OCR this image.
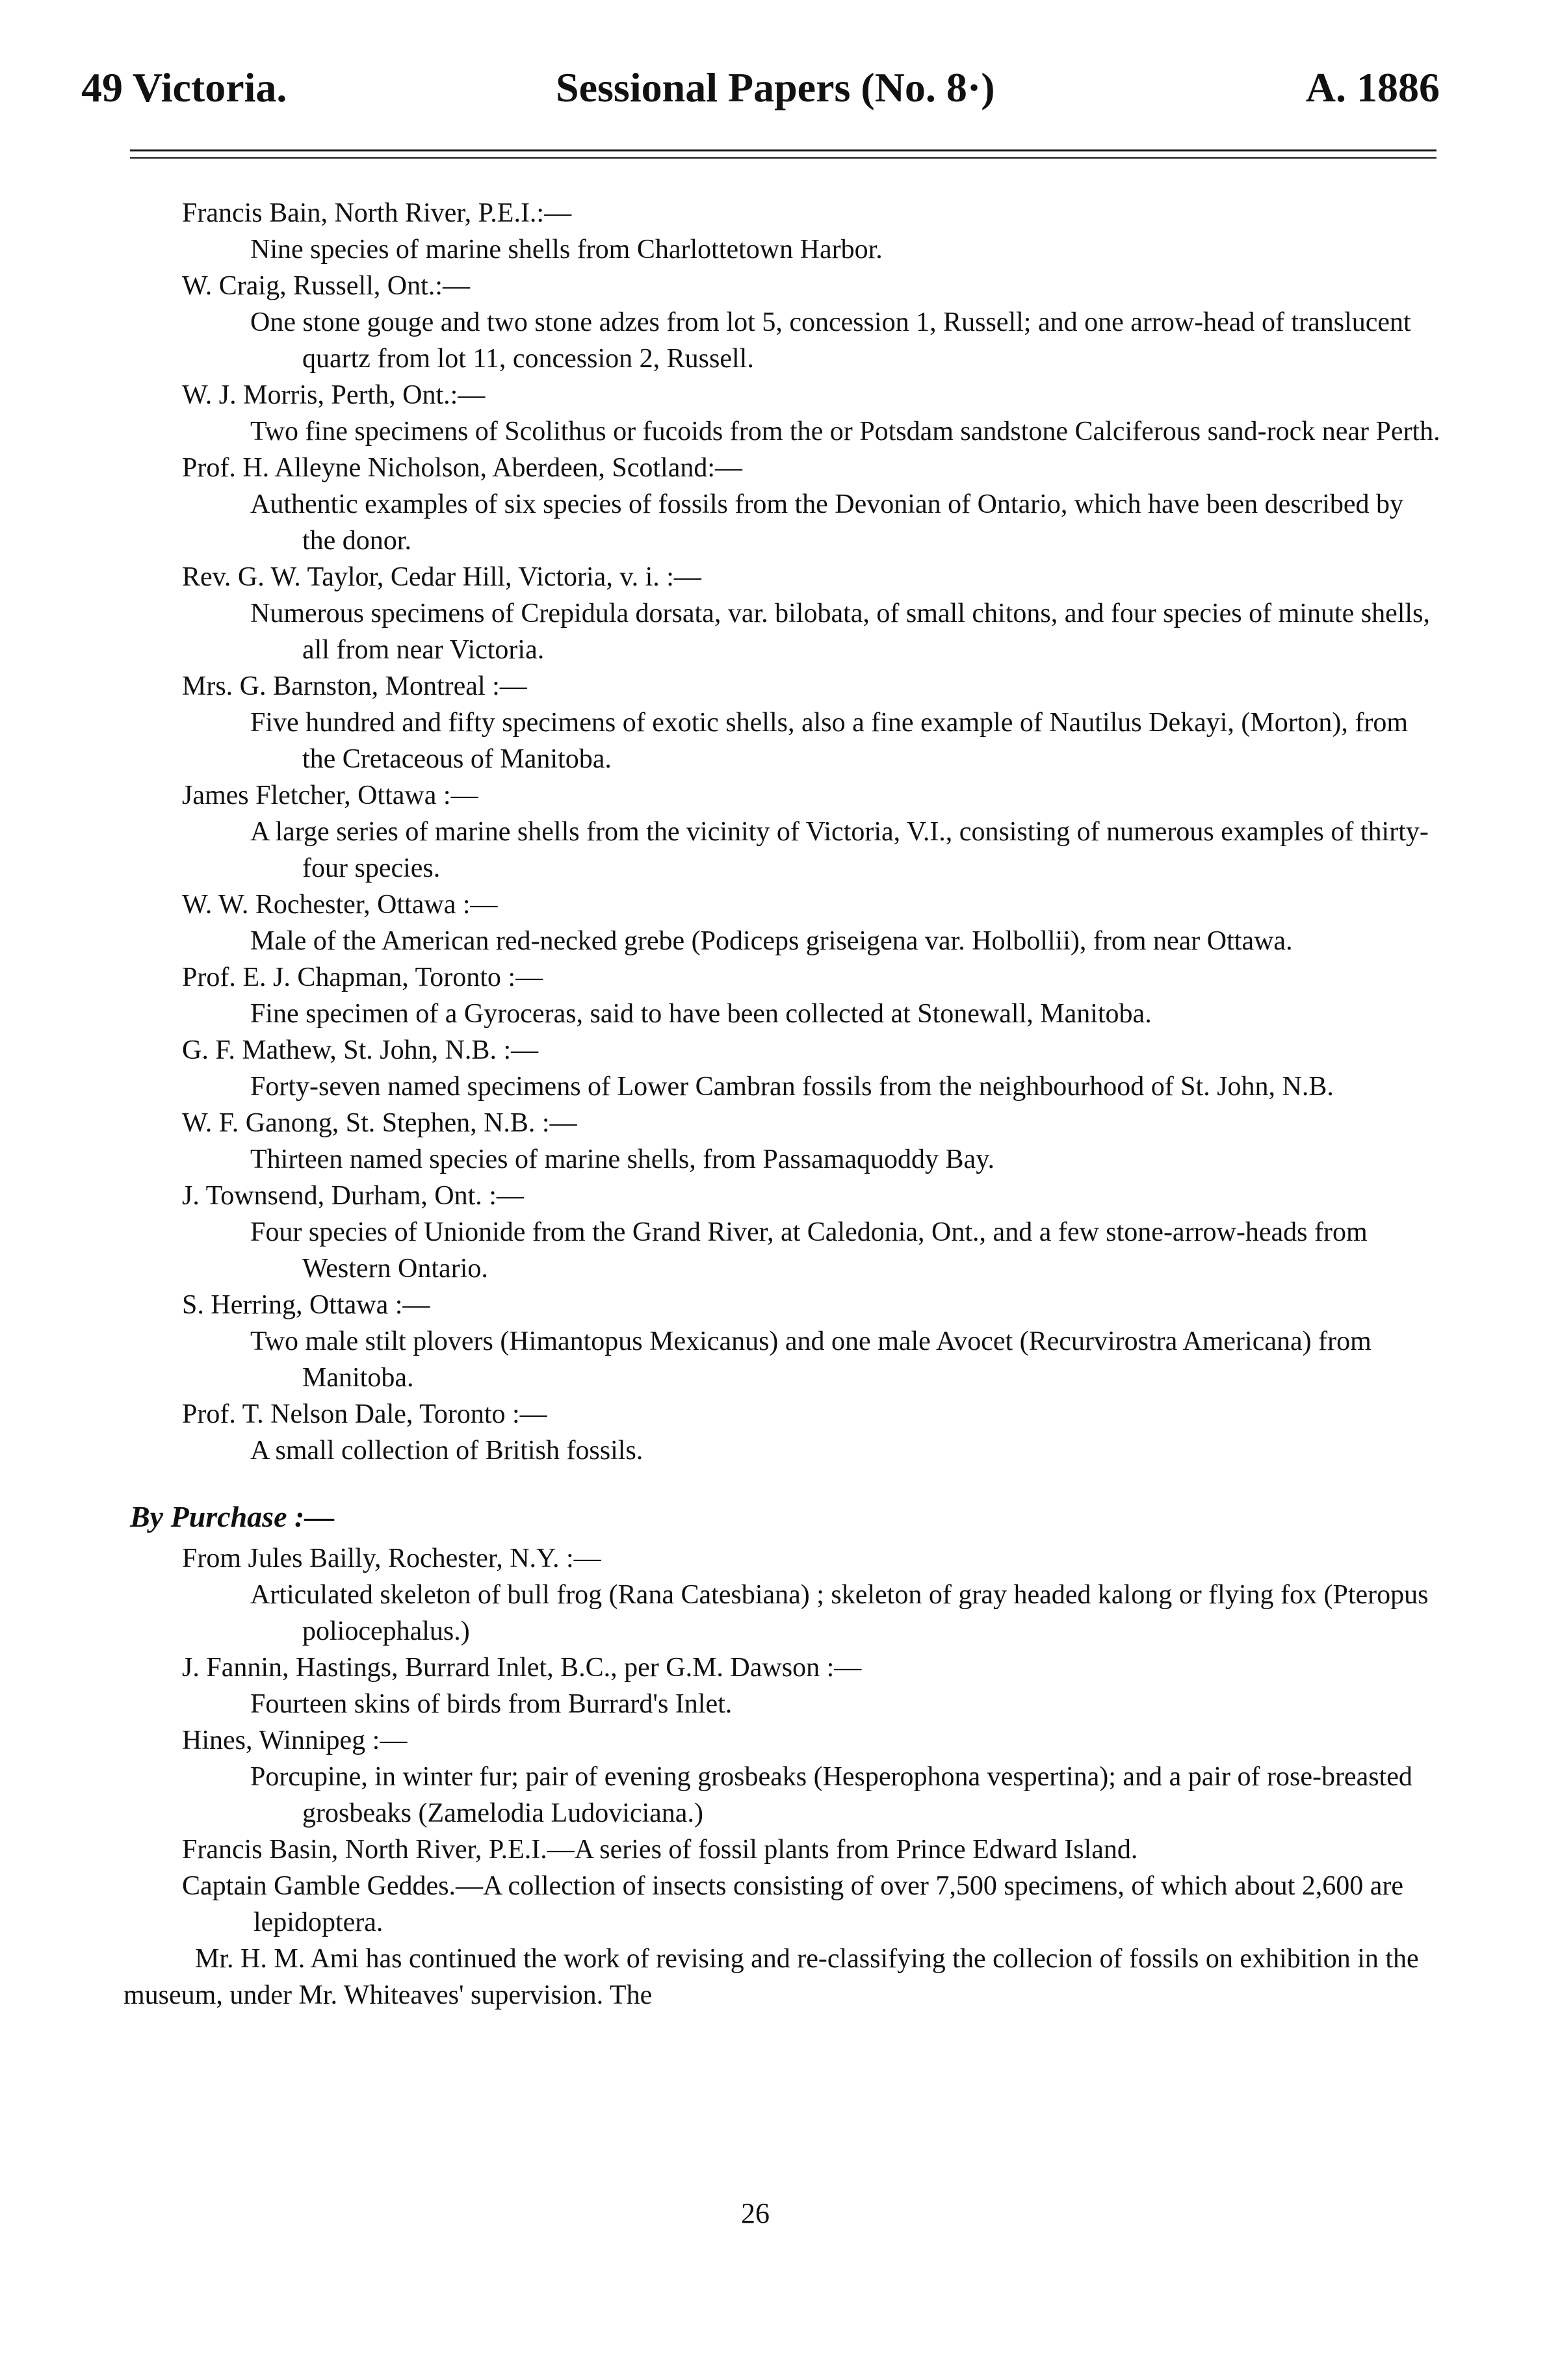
49 Victoria.	Sessional Papers (No. 8·)	A. 1886

Francis Bain, North River, P.E.I.:—

Nine species of marine shells from Charlottetown Harbor.

W. Craig, Russell, Ont.:—

One stone gouge and two stone adzes from lot 5, concession 1, Russell; and one arrow-head of translucent quartz from lot 11, concession 2, Russell.

W. J. Morris, Perth, Ont.:—

Two fine specimens of Scolithus or fucoids from the or Potsdam sandstone Calciferous sand-rock near Perth.

Prof. H. Alleyne Nicholson, Aberdeen, Scotland:—

Authentic examples of six species of fossils from the Devonian of Ontario, which have been described by the donor.

Rev. G. W. Taylor, Cedar Hill, Victoria, v. i. :—

Numerous specimens of Crepidula dorsata, var. bilobata, of small chitons, and four species of minute shells, all from near Victoria.

Mrs. G. Barnston, Montreal :—

Five hundred and fifty specimens of exotic shells, also a fine example of Nautilus Dekayi, (Morton), from the Cretaceous of Manitoba.

James Fletcher, Ottawa :—

A large series of marine shells from the vicinity of Victoria, V.I., consisting of numerous examples of thirty-four species.

W. W. Rochester, Ottawa :—

Male of the American red-necked grebe (Podiceps griseigena var. Holbollii), from near Ottawa.

Prof. E. J. Chapman, Toronto :—

Fine specimen of a Gyroceras, said to have been collected at Stonewall, Manitoba.

G. F. Mathew, St. John, N.B. :—

Forty-seven named specimens of Lower Cambran fossils from the neighbourhood of St. John, N.B.

W. F. Ganong, St. Stephen, N.B. :—

Thirteen named species of marine shells, from Passamaquoddy Bay.

J. Townsend, Durham, Ont. :—

Four species of Unionide from the Grand River, at Caledonia, Ont., and a few stone-arrow-heads from Western Ontario.

S. Herring, Ottawa :—

Two male stilt plovers (Himantopus Mexicanus) and one male Avocet (Recurvirostra Americana) from Manitoba.

Prof. T. Nelson Dale, Toronto :—

A small collection of British fossils.

By Purchase :—

From Jules Bailly, Rochester, N.Y. :—

Articulated skeleton of bull frog (Rana Catesbiana) ; skeleton of gray headed kalong or flying fox (Pteropus poliocephalus.)

J. Fannin, Hastings, Burrard Inlet, B.C., per G.M. Dawson :—

Fourteen skins of birds from Burrard's Inlet.

Hines, Winnipeg :—

Porcupine, in winter fur; pair of evening grosbeaks (Hesperophona vespertina); and a pair of rose-breasted grosbeaks (Zamelodia Ludoviciana.)

Francis Basin, North River, P.E.I.—A series of fossil plants from Prince Edward Island.

Captain Gamble Geddes.—A collection of insects consisting of over 7,500 specimens, of which about 2,600 are lepidoptera.

Mr. H. M. Ami has continued the work of revising and re-classifying the collecion of fossils on exhibition in the museum, under Mr. Whiteaves' supervision. The

26
